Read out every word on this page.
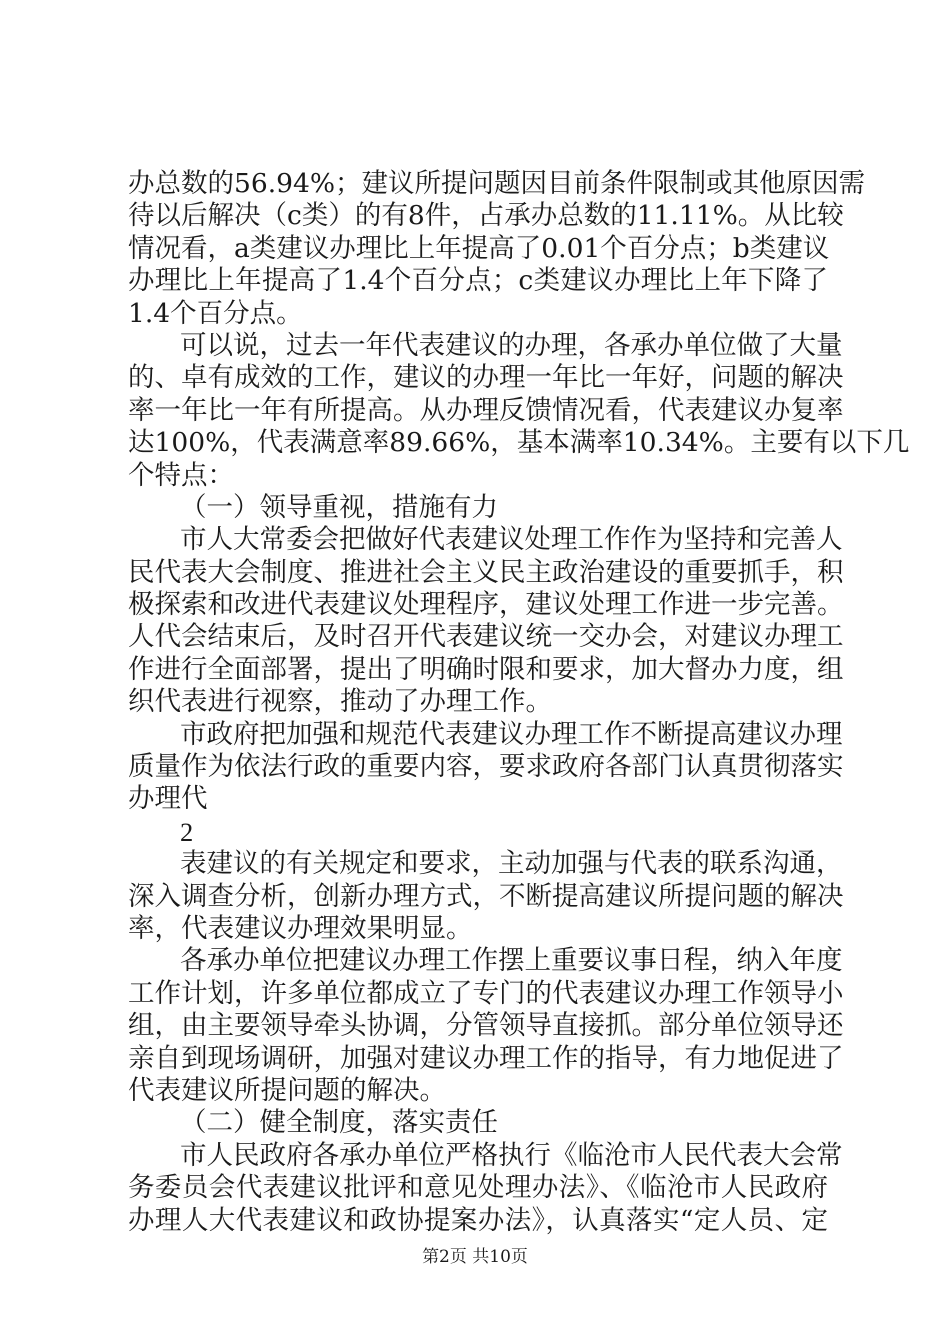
办总数的56.94%；建议所提问题因目前条件限制或其他原因需
待以后解决（c类）的有8件，占承办总数的11.11%。从比较
情况看，a类建议办理比上年提高了0.01个百分点；b类建议
办理比上年提高了1.4个百分点；c类建议办理比上年下降了
1.4个百分点。
可以说，过去一年代表建议的办理，各承办单位做了大量
的、卓有成效的工作，建议的办理一年比一年好，问题的解决
率一年比一年有所提高。从办理反馈情况看，代表建议办复率
达100%，代表满意率89.66%，基本满率10.34%。主要有以下几
个特点：
（一）领导重视，措施有力
市人大常委会把做好代表建议处理工作作为坚持和完善人
民代表大会制度、推进社会主义民主政治建设的重要抓手，积
极探索和改进代表建议处理程序，建议处理工作进一步完善。
人代会结束后，及时召开代表建议统一交办会，对建议办理工
作进行全面部署，提出了明确时限和要求，加大督办力度，组
织代表进行视察，推动了办理工作。
市政府把加强和规范代表建议办理工作不断提高建议办理
质量作为依法行政的重要内容，要求政府各部门认真贯彻落实
办理代
2
表建议的有关规定和要求，主动加强与代表的联系沟通，
深入调查分析，创新办理方式，不断提高建议所提问题的解决
率，代表建议办理效果明显。
各承办单位把建议办理工作摆上重要议事日程，纳入年度
工作计划，许多单位都成立了专门的代表建议办理工作领导小
组，由主要领导牵头协调，分管领导直接抓。部分单位领导还
亲自到现场调研，加强对建议办理工作的指导，有力地促进了
代表建议所提问题的解决。
（二）健全制度，落实责任
市人民政府各承办单位严格执行《临沧市人民代表大会常
务委员会代表建议批评和意见处理办法》、《临沧市人民政府
办理人大代表建议和政协提案办法》，认真落实“定人员、定
第2页 共10页
